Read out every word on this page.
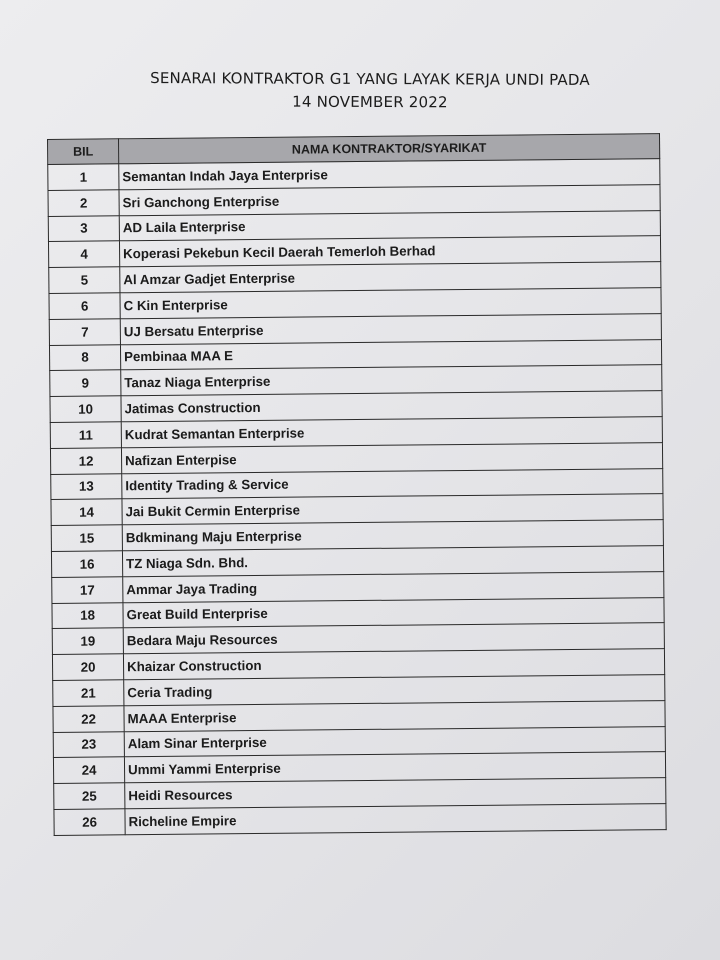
SENARAI KONTRAKTOR G1 YANG LAYAK KERJA UNDI PADA
14 NOVEMBER 2022
BIL	NAMA KONTRAKTOR/SYARIKAT
1	Semantan Indah Jaya Enterprise
2	Sri Ganchong Enterprise
3	AD Laila Enterprise
4	Koperasi Pekebun Kecil Daerah Temerloh Berhad
5	Al Amzar Gadjet Enterprise
6	C Kin Enterprise
7	UJ Bersatu Enterprise
8	Pembinaa MAA E
9	Tanaz Niaga Enterprise
10	Jatimas Construction
11	Kudrat Semantan Enterprise
12	Nafizan Enterpise
13	Identity Trading & Service
14	Jai Bukit Cermin Enterprise
15	Bdkminang Maju Enterprise
16	TZ Niaga Sdn. Bhd.
17	Ammar Jaya Trading
18	Great Build Enterprise
19	Bedara Maju Resources
20	Khaizar Construction
21	Ceria Trading
22	MAAA Enterprise
23	Alam Sinar Enterprise
24	Ummi Yammi Enterprise
25	Heidi Resources
26	Richeline Empire
